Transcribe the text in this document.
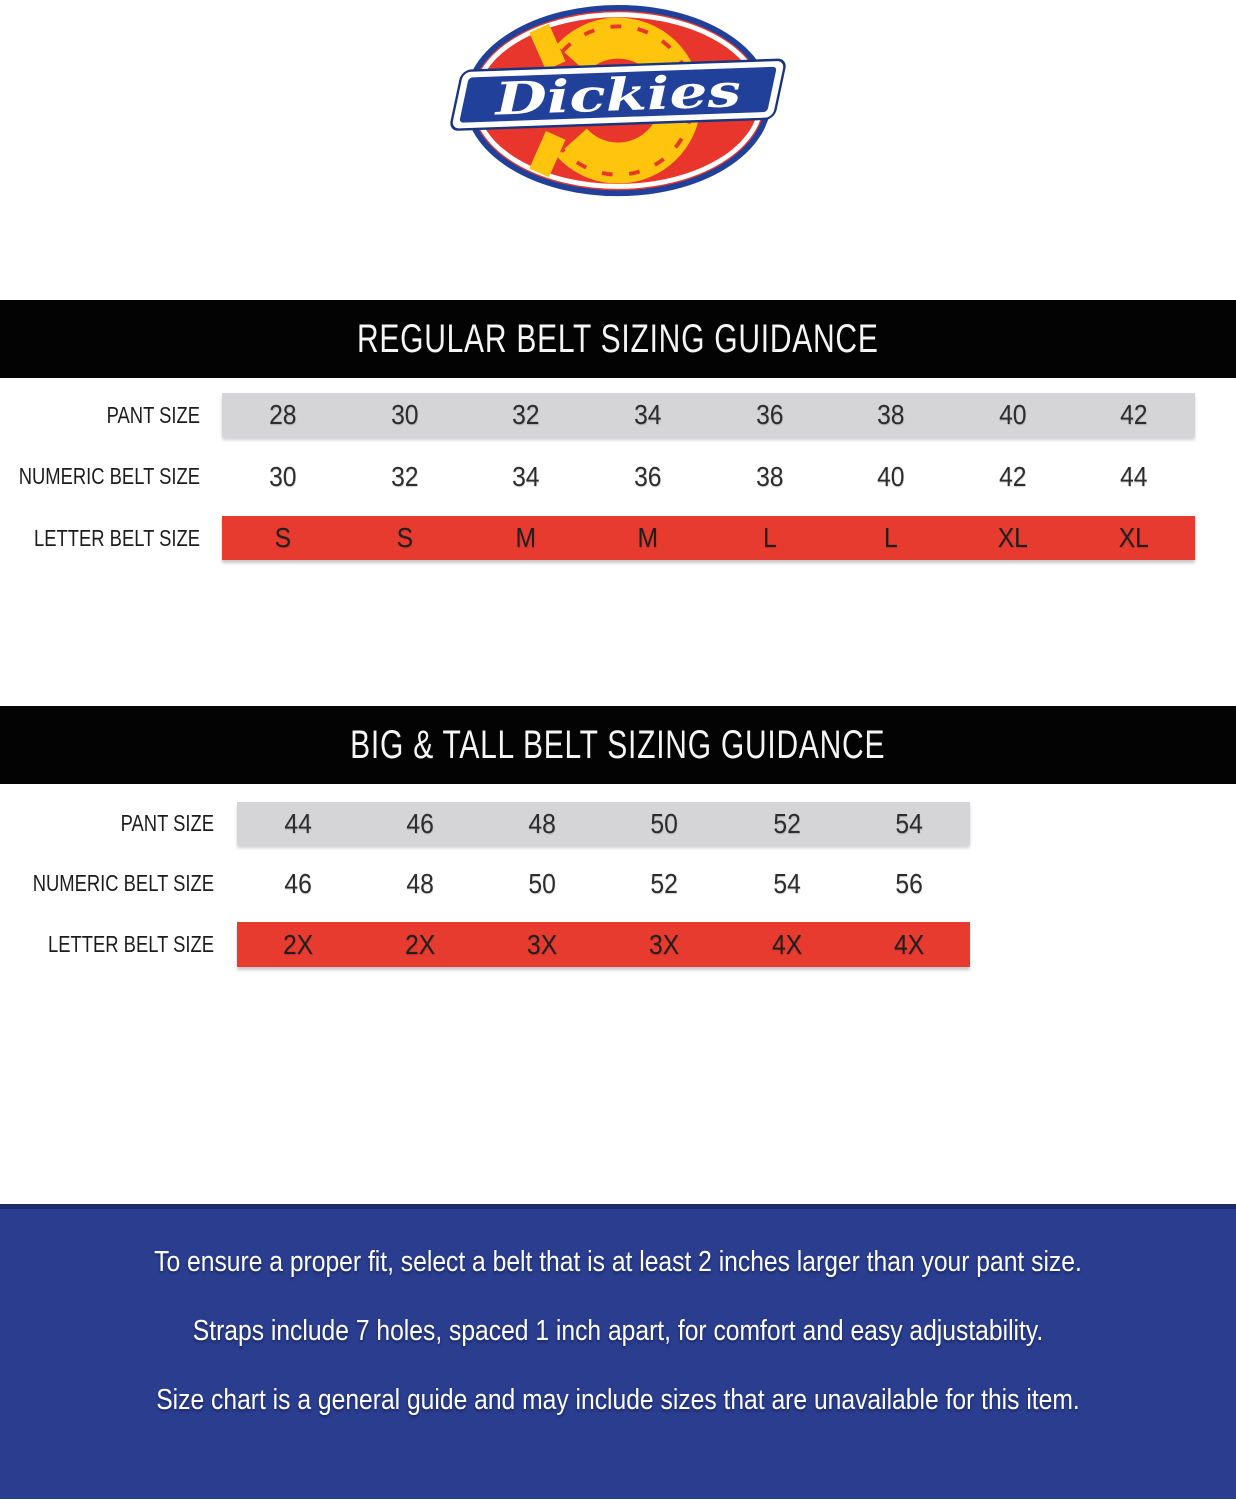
Dickies
REGULAR BELT SIZING GUIDANCE
PANT SIZE	28	30	32	34	36	38	40	42
NUMERIC BELT SIZE	30	32	34	36	38	40	42	44
LETTER BELT SIZE	S	S	M	M	L	L	XL	XL
BIG & TALL BELT SIZING GUIDANCE
PANT SIZE	44	46	48	50	52	54
NUMERIC BELT SIZE	46	48	50	52	54	56
LETTER BELT SIZE	2X	2X	3X	3X	4X	4X
To ensure a proper fit, select a belt that is at least 2 inches larger than your pant size.
Straps include 7 holes, spaced 1 inch apart, for comfort and easy adjustability.
Size chart is a general guide and may include sizes that are unavailable for this item.
